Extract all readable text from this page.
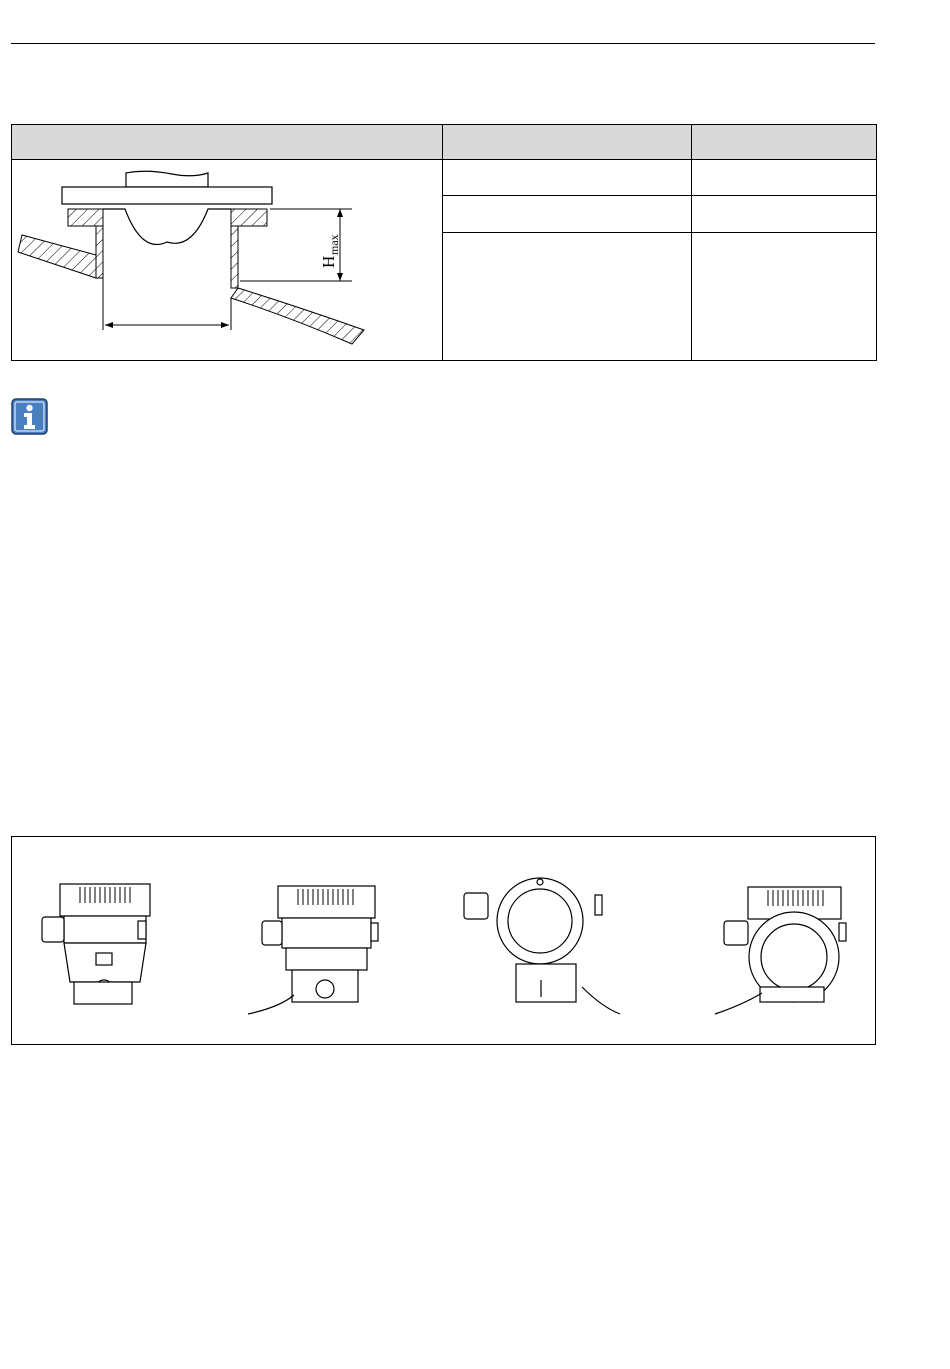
H
max		
